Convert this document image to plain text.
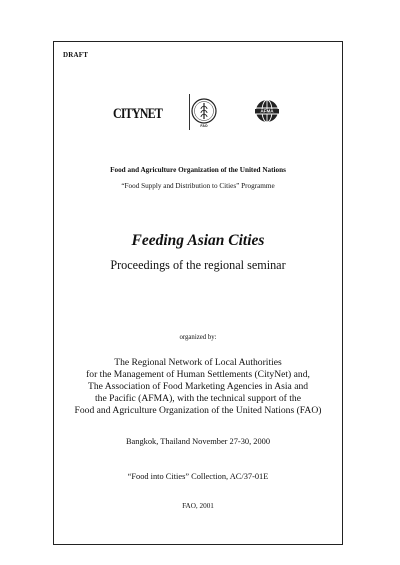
DRAFT
CITYNET
FAO
AFMA
Food and Agriculture Organization of the United Nations
“Food Supply and Distribution to Cities” Programme
Feeding Asian Cities
Proceedings of the regional seminar
organized by:
The Regional Network of Local Authorities
for the Management of Human Settlements (CityNet) and,
The Association of Food Marketing Agencies in Asia and
the Pacific (AFMA), with the technical support of the
Food and Agriculture Organization of the United Nations (FAO)
Bangkok, Thailand November 27-30, 2000
“Food into Cities” Collection, AC/37-01E
FAO, 2001
